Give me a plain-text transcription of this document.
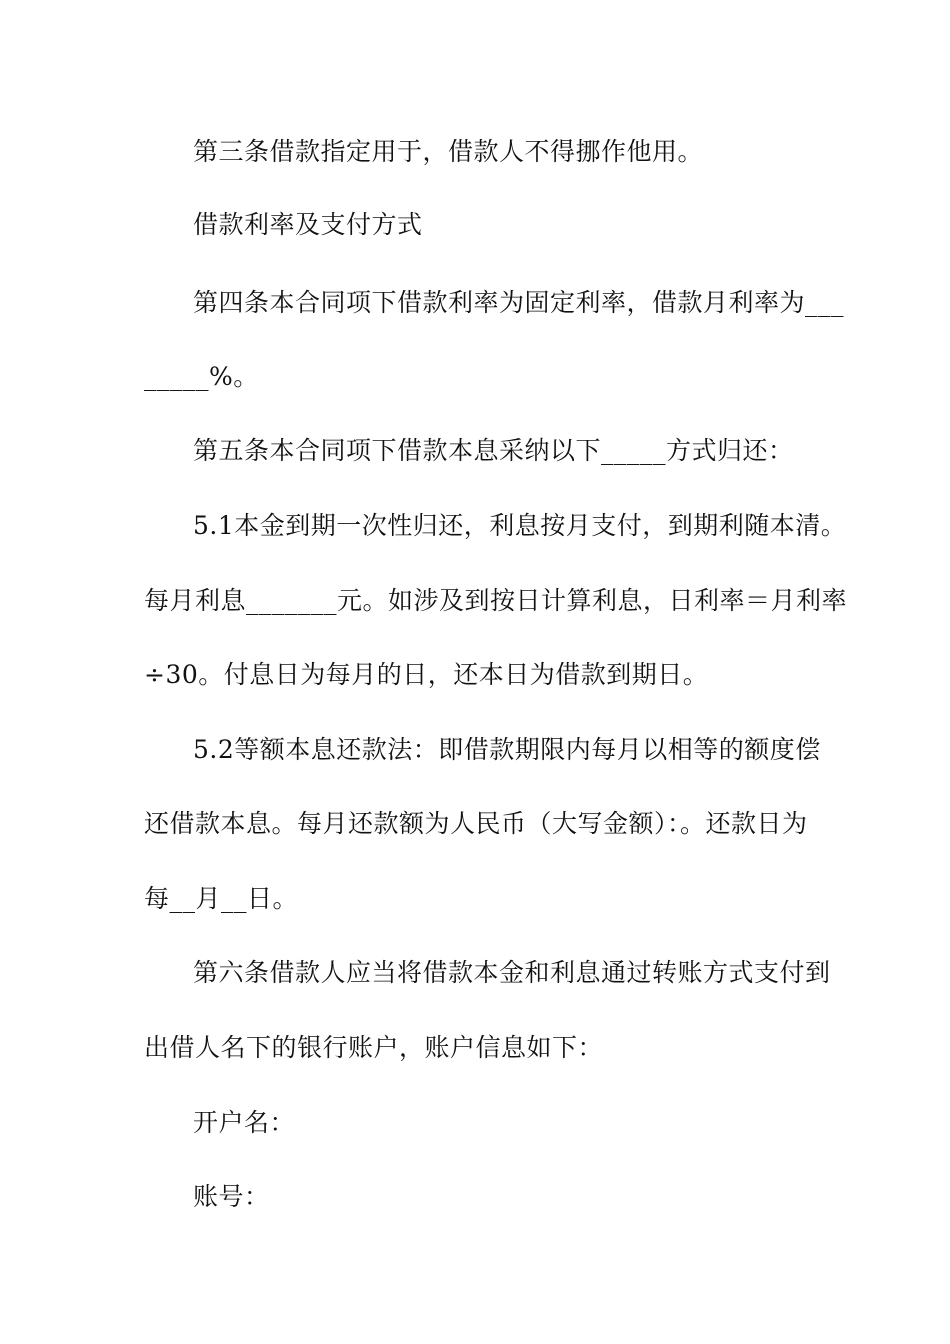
第三条借款指定用于，借款人不得挪作他用。
借款利率及支付方式
第四条本合同项下借款利率为固定利率，借款月利率为___
_____%。
第五条本合同项下借款本息采纳以下_____方式归还：
5.1本金到期一次性归还，利息按月支付，到期利随本清。
每月利息_______元。如涉及到按日计算利息，日利率＝月利率
÷30。付息日为每月的日，还本日为借款到期日。
5.2等额本息还款法：即借款期限内每月以相等的额度偿
还借款本息。每月还款额为人民币（大写金额）：。还款日为
每__月__日。
第六条借款人应当将借款本金和利息通过转账方式支付到
出借人名下的银行账户，账户信息如下：
开户名：
账号：
